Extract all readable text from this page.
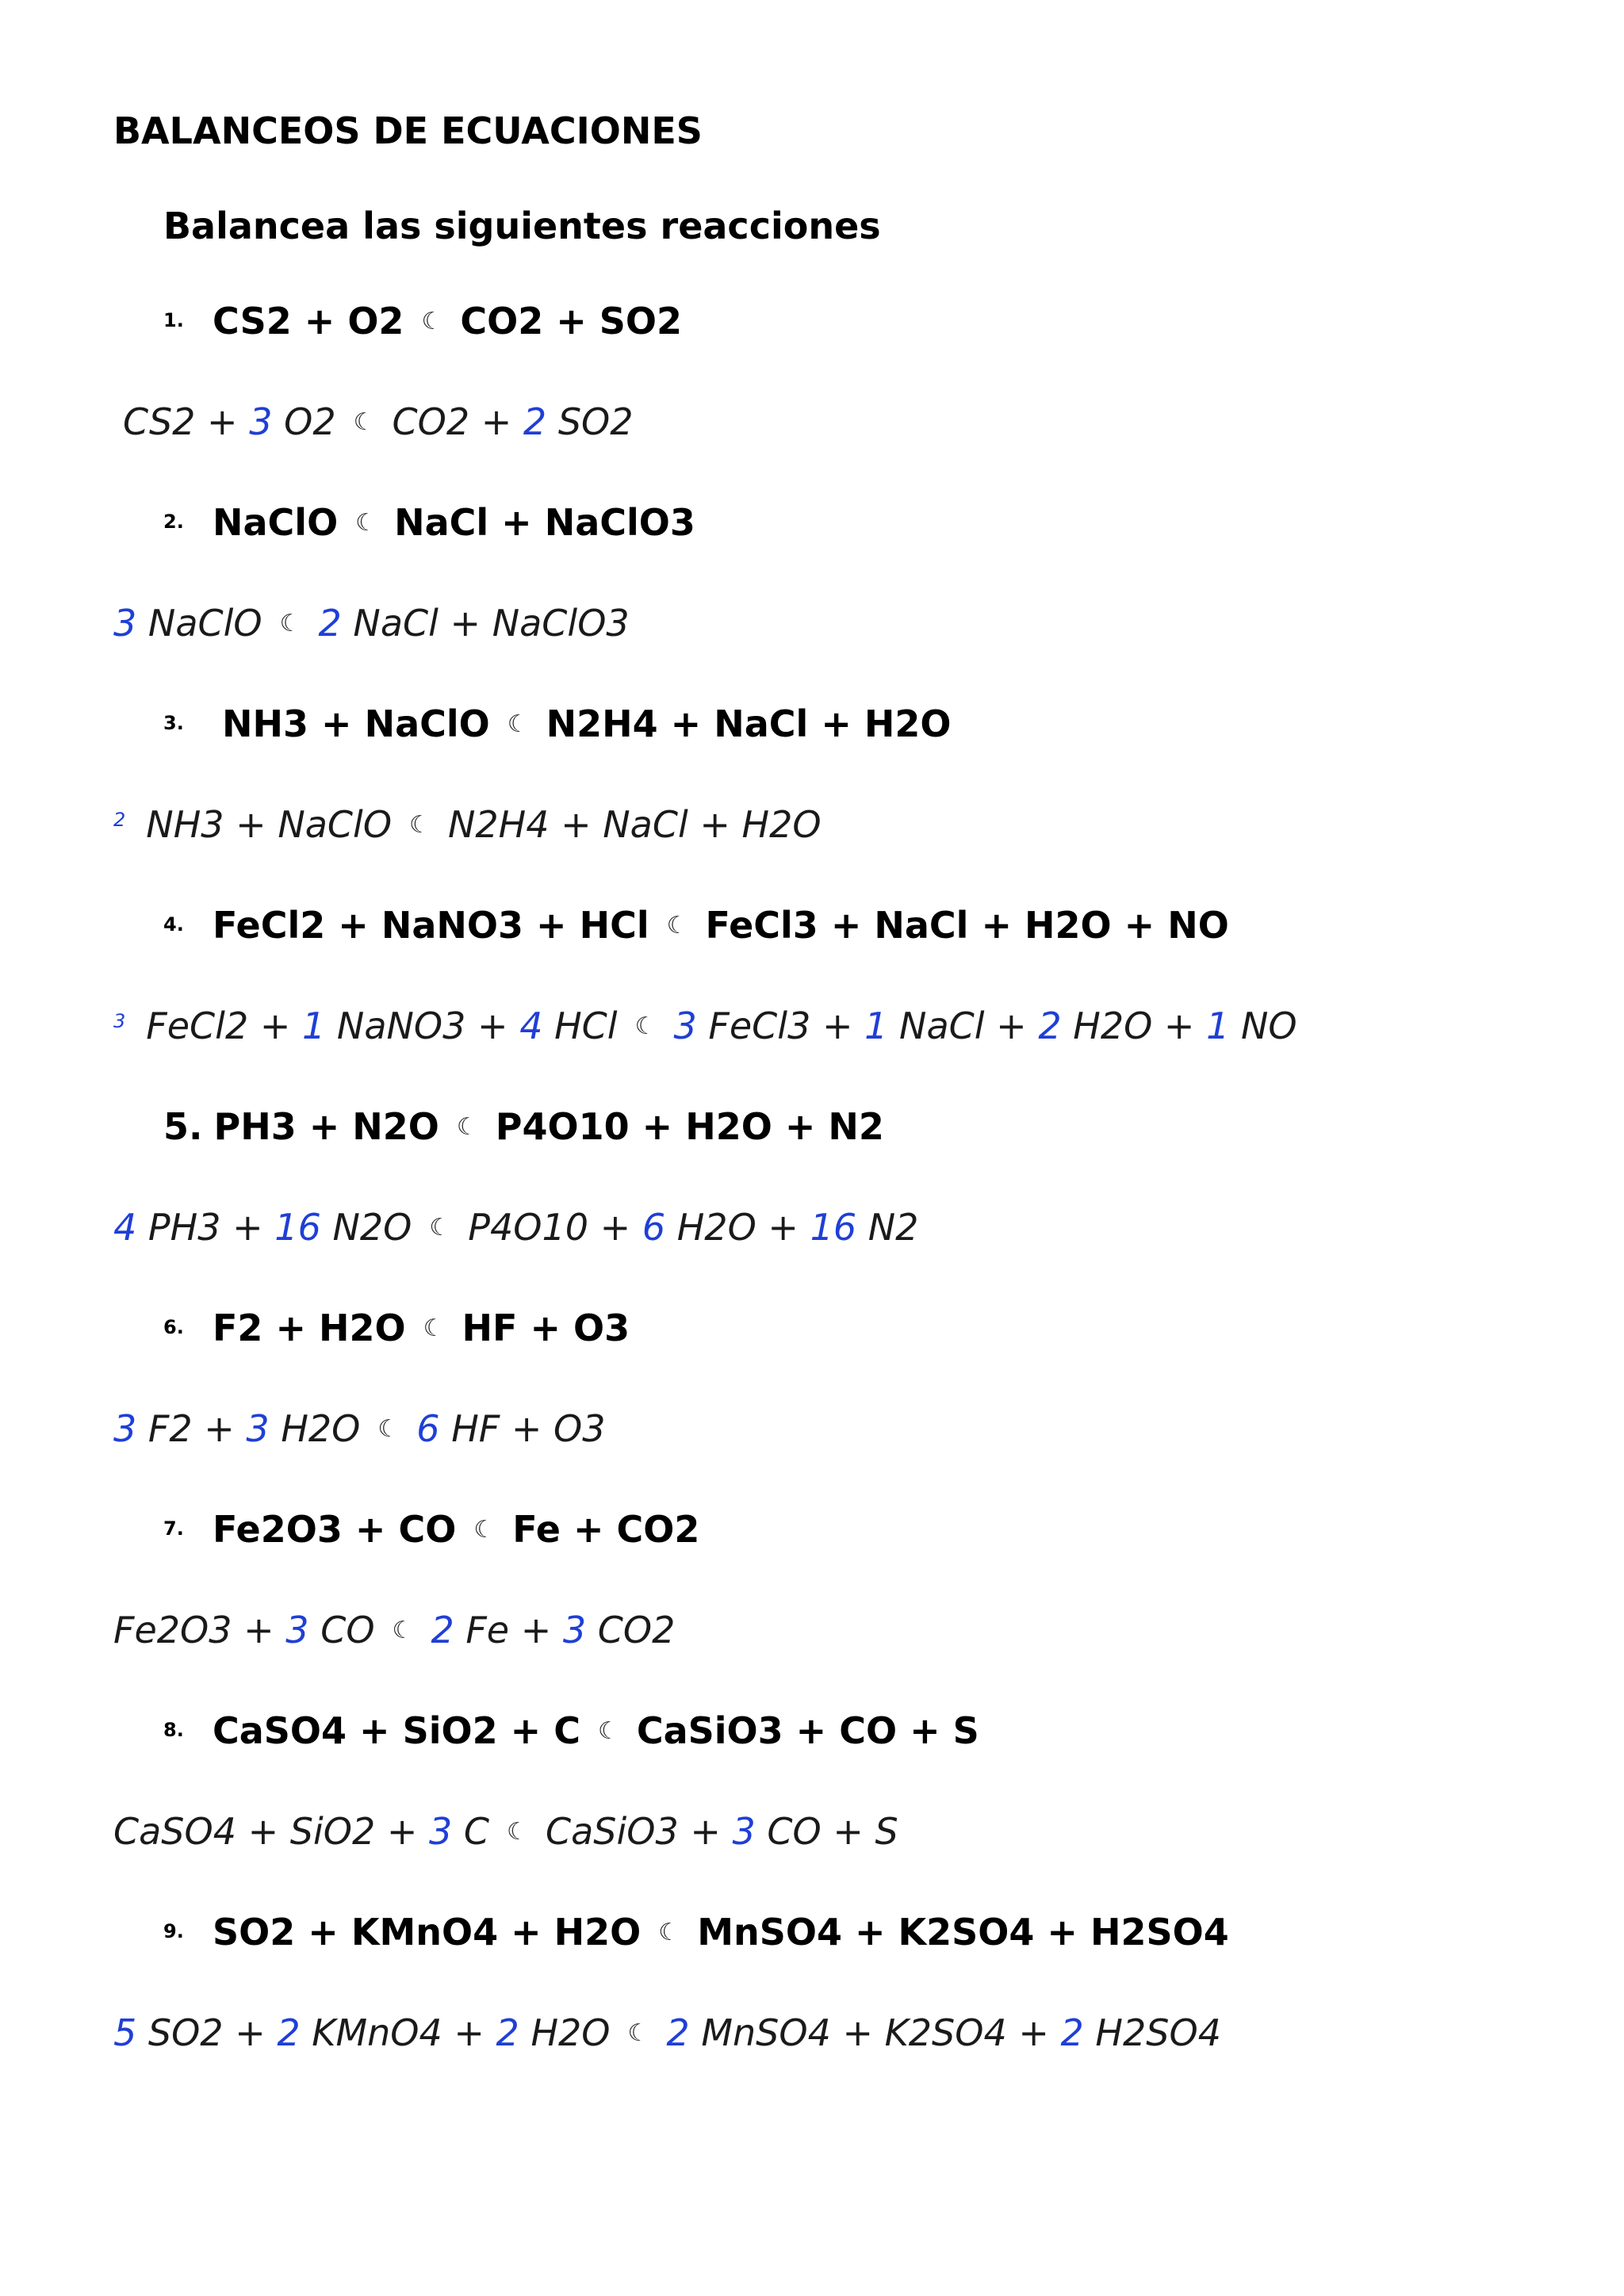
BALANCEOS DE ECUACIONES
Balancea las siguientes reacciones
1. CS2 + O2 ☾ CO2 + SO2
2. NaClO ☾ NaCl + NaClO3
3. NH3 + NaClO ☾ N2H4 + NaCl + H2O
4. FeCl2 + NaNO3 + HCl ☾ FeCl3 + NaCl + H2O + NO
5. PH3 + N2O ☾ P4O10 + H2O + N2
6. F2 + H2O ☾ HF + O3
7. Fe2O3 + CO ☾ Fe + CO2
8. CaSO4 + SiO2 + C ☾ CaSiO3 + CO + S
9. SO2 + KMnO4 + H2O ☾ MnSO4 + K2SO4 + H2SO4
CS2 + 3 O2 ☾ CO2 + 2 SO2
3 NaClO ☾ 2 NaCl + NaClO3
$^2$ NH3 + NaClO ☾ N2H4 + NaCl + H2O
$^3$ FeCl2 + 1 NaNO3 + 4 HCl ☾ 3 FeCl3 + 1 NaCl + 2 H2O + 1 NO
4 PH3 + 16 N2O ☾ P4O10 + 6 H2O + 16 N2
3 F2 + 3 H2O ☾ 6 HF + O3
Fe2O3 + 3 CO ☾ 2 Fe + 3 CO2
CaSO4 + SiO2 + 3 C ☾ CaSiO3 + 3 CO + S
5 SO2 + 2 KMnO4 + 2 H2O ☾ 2 MnSO4 + K2SO4 + 2 H2SO4
